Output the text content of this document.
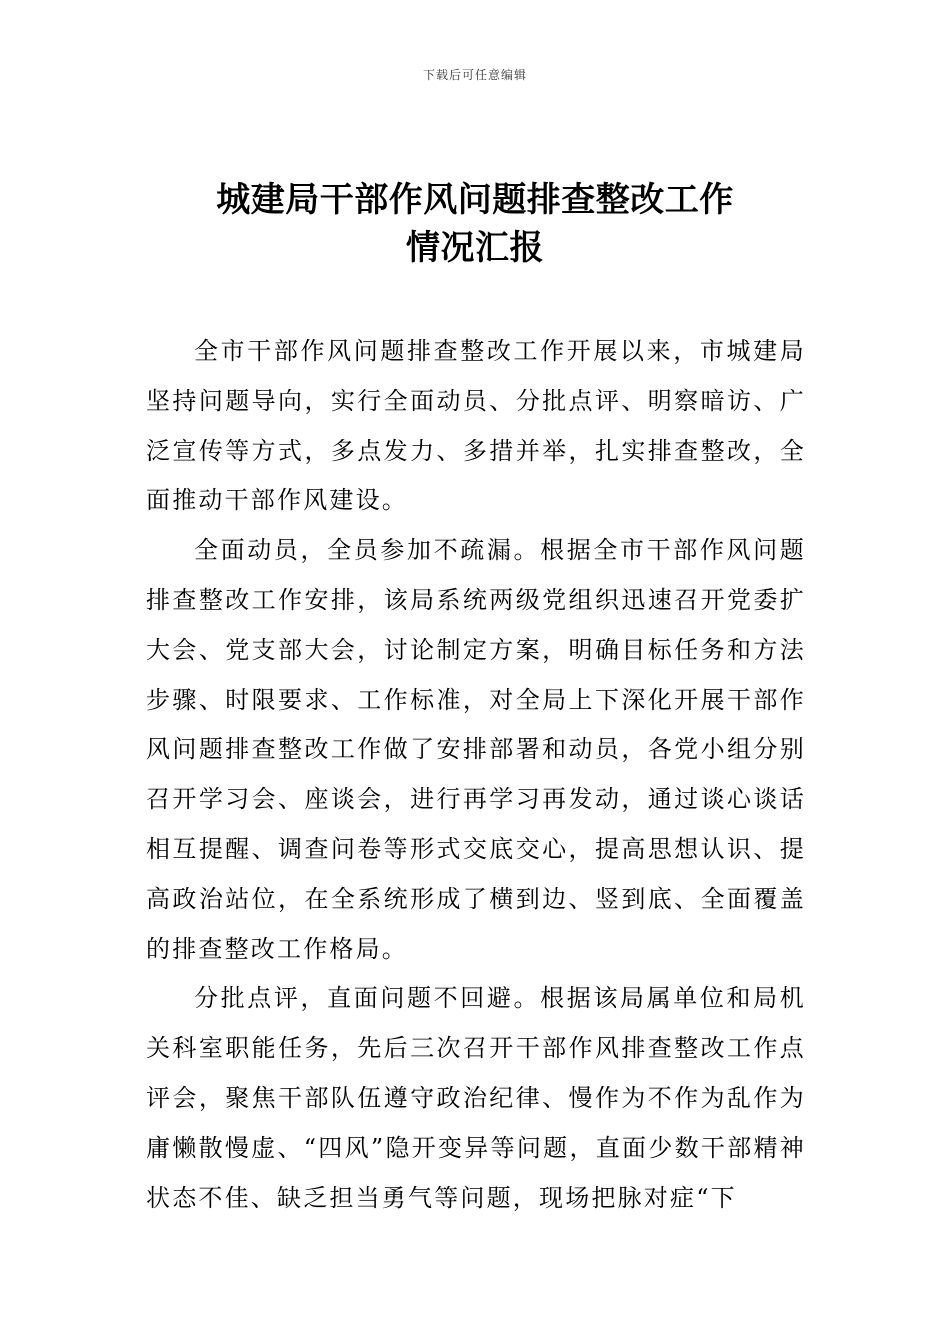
下载后可任意编辑
城建局干部作风问题排查整改工作
情况汇报

全市干部作风问题排查整改工作开展以来，市城建局坚持问题导向，实行全面动员、分批点评、明察暗访、广泛宣传等方式，多点发力、多措并举，扎实排查整改，全面推动干部作风建设。

全面动员，全员参加不疏漏。根据全市干部作风问题排查整改工作安排，该局系统两级党组织迅速召开党委扩大会、党支部大会，讨论制定方案，明确目标任务和方法步骤、时限要求、工作标准，对全局上下深化开展干部作风问题排查整改工作做了安排部署和动员，各党小组分别召开学习会、座谈会，进行再学习再发动，通过谈心谈话相互提醒、调查问卷等形式交底交心，提高思想认识、提高政治站位，在全系统形成了横到边、竖到底、全面覆盖的排查整改工作格局。

分批点评，直面问题不回避。根据该局属单位和局机关科室职能任务，先后三次召开干部作风排查整改工作点评会，聚焦干部队伍遵守政治纪律、慢作为不作为乱作为庸懒散慢虚、“四风”隐开变异等问题，直面少数干部精神状态不佳、缺乏担当勇气等问题，现场把脉对症“下
